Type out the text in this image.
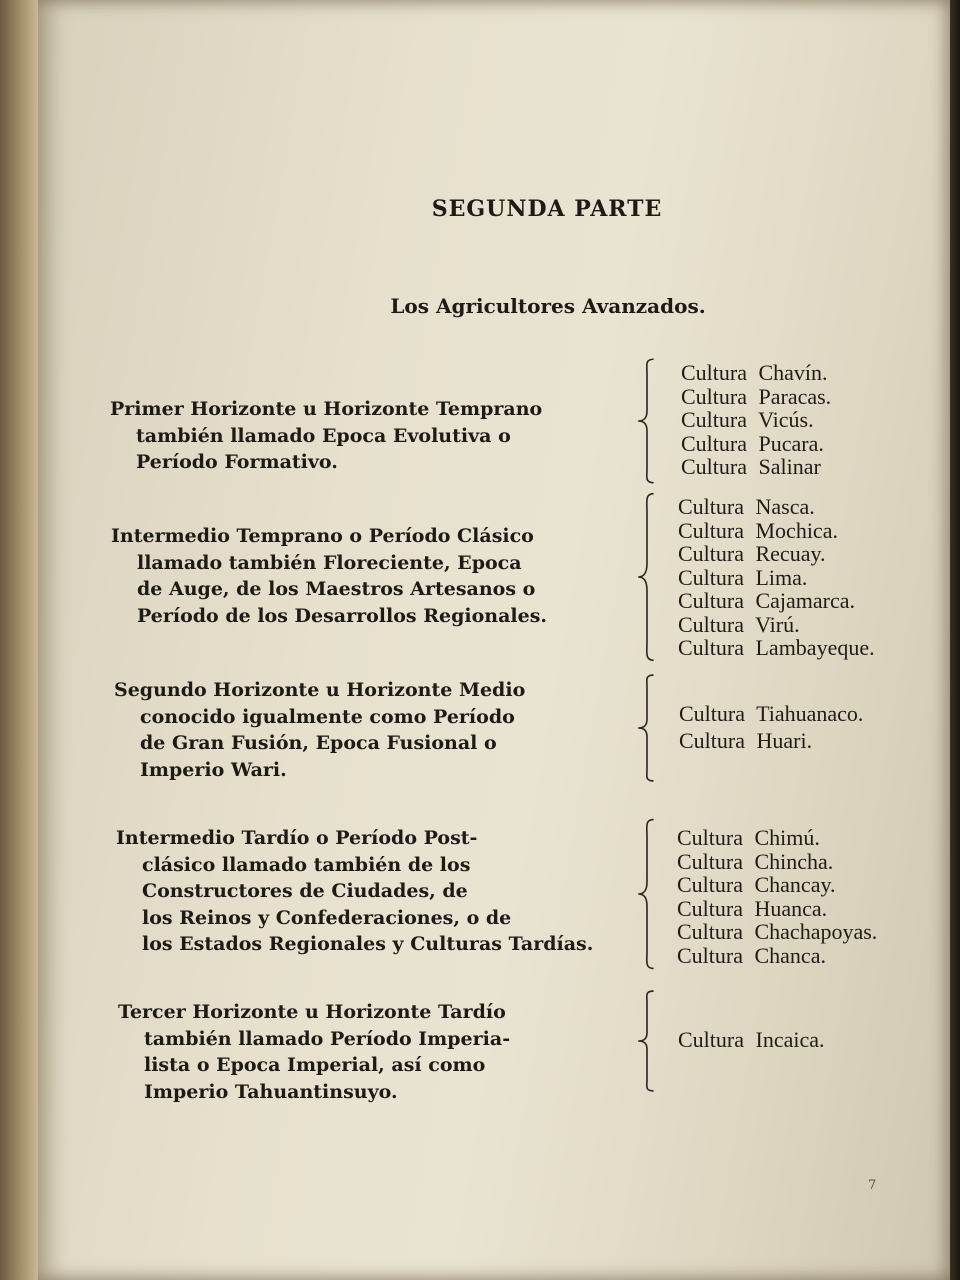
SEGUNDA PARTE
Los Agricultores Avanzados.
Primer Horizonte u Horizonte Temprano
también llamado Epoca Evolutiva o
Período Formativo.
Cultura Chavín.
Cultura Paracas.
Cultura Vicús.
Cultura Pucara.
Cultura Salinar
Intermedio Temprano o Período Clásico
llamado también Floreciente, Epoca
de Auge, de los Maestros Artesanos o
Período de los Desarrollos Regionales.
Cultura Nasca.
Cultura Mochica.
Cultura Recuay.
Cultura Lima.
Cultura Cajamarca.
Cultura Virú.
Cultura Lambayeque.
Segundo Horizonte u Horizonte Medio
conocido igualmente como Período
de Gran Fusión, Epoca Fusional o
Imperio Wari.
Cultura Tiahuanaco.
Cultura Huari.
Intermedio Tardío o Período Post-
clásico llamado también de los
Constructores de Ciudades, de
los Reinos y Confederaciones, o de
los Estados Regionales y Culturas Tardías.
Cultura Chimú.
Cultura Chincha.
Cultura Chancay.
Cultura Huanca.
Cultura Chachapoyas.
Cultura Chanca.
Tercer Horizonte u Horizonte Tardío
también llamado Período Imperia-
lista o Epoca Imperial, así como
Imperio Tahuantinsuyo.
Cultura Incaica.
7
